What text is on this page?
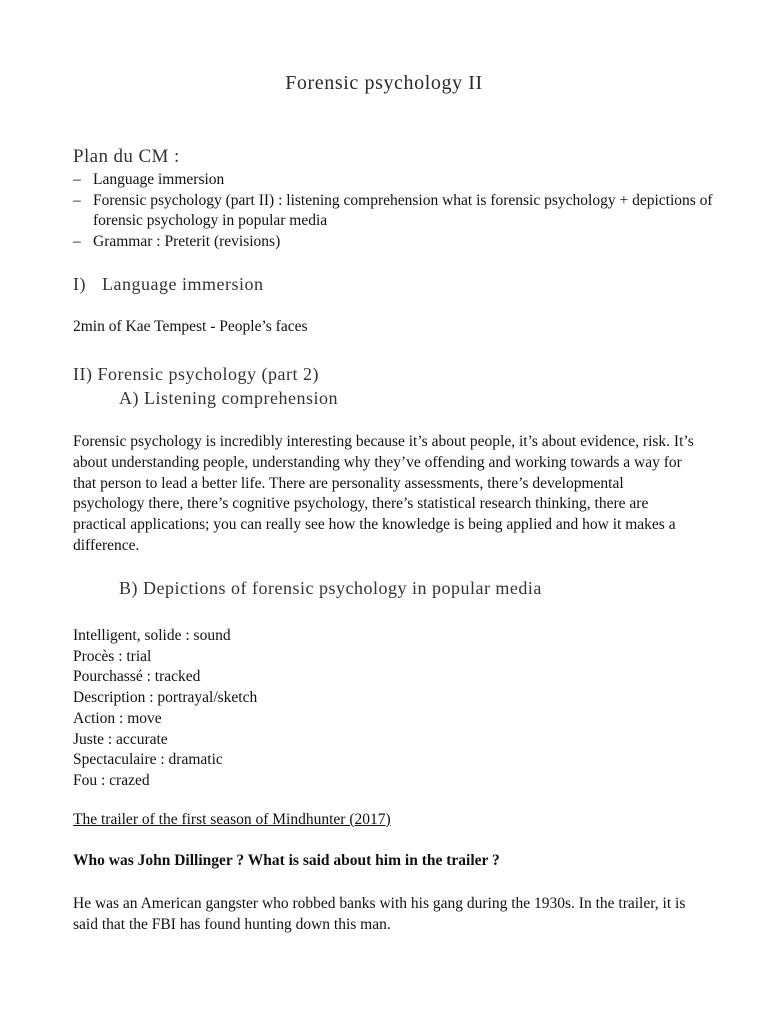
Forensic psychology II
Plan du CM :
– Language immersion
– Forensic psychology (part II) : listening comprehension what is forensic psychology + depictions of forensic psychology in popular media
– Grammar : Preterit (revisions)
I) Language immersion
2min of Kae Tempest - People’s faces
II) Forensic psychology (part 2)
A) Listening comprehension

Forensic psychology is incredibly interesting because it’s about people, it’s about evidence, risk. It’s about understanding people, understanding why they’ve offending and working towards a way for that person to lead a better life. There are personality assessments, there’s developmental psychology there, there’s cognitive psychology, there’s statistical research thinking, there are practical applications; you can really see how the knowledge is being applied and how it makes a difference.

B) Depictions of forensic psychology in popular media
Intelligent, solide : sound
Procès : trial
Pourchassé : tracked
Description : portrayal/sketch
Action : move
Juste : accurate
Spectaculaire : dramatic
Fou : crazed
The trailer of the first season of Mindhunter (2017)
Who was John Dillinger ? What is said about him in the trailer ?

He was an American gangster who robbed banks with his gang during the 1930s. In the trailer, it is said that the FBI has found hunting down this man.
